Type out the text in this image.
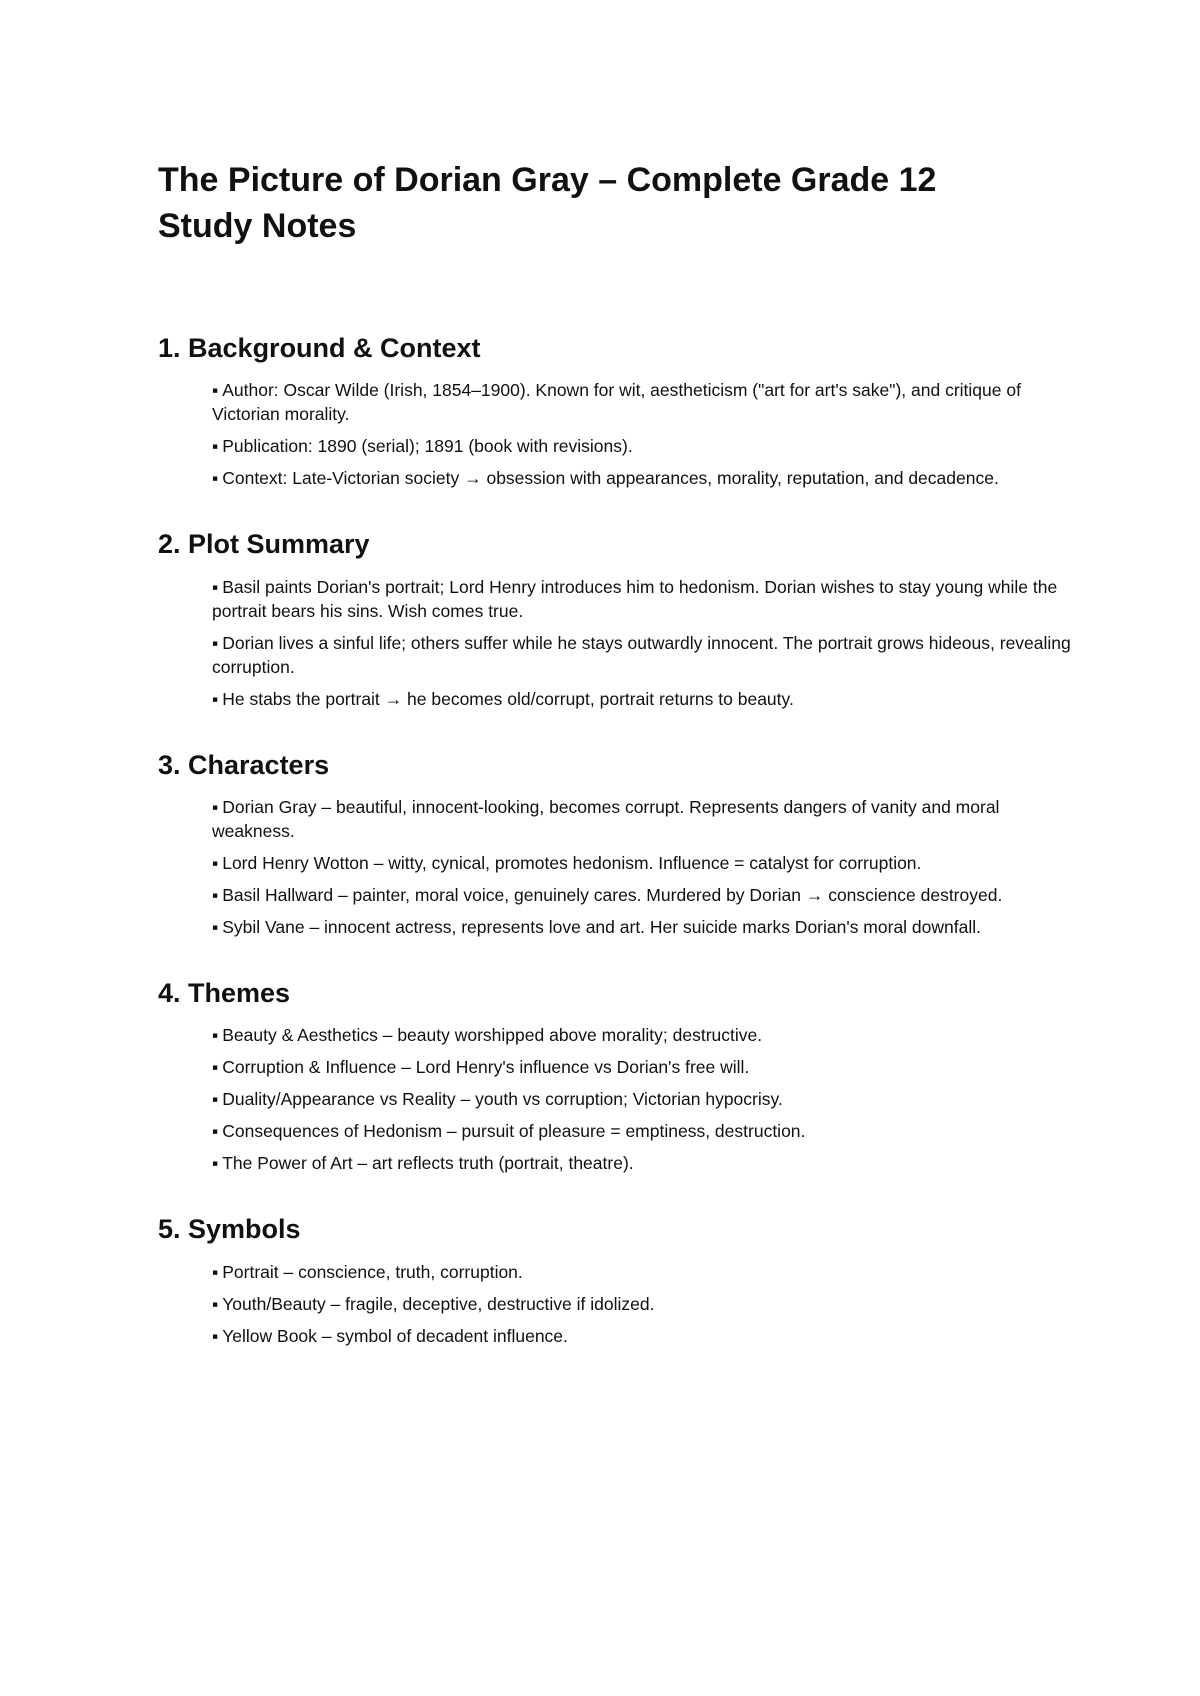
The Picture of Dorian Gray – Complete Grade 12 Study Notes
1. Background & Context
▪ Author: Oscar Wilde (Irish, 1854–1900). Known for wit, aestheticism ("art for art's sake"), and critique of Victorian morality.
▪ Publication: 1890 (serial); 1891 (book with revisions).
▪ Context: Late-Victorian society → obsession with appearances, morality, reputation, and decadence.
2. Plot Summary
▪ Basil paints Dorian's portrait; Lord Henry introduces him to hedonism. Dorian wishes to stay young while the portrait bears his sins. Wish comes true.
▪ Dorian lives a sinful life; others suffer while he stays outwardly innocent. The portrait grows hideous, revealing corruption.
▪ He stabs the portrait → he becomes old/corrupt, portrait returns to beauty.
3. Characters
▪ Dorian Gray – beautiful, innocent-looking, becomes corrupt. Represents dangers of vanity and moral weakness.
▪ Lord Henry Wotton – witty, cynical, promotes hedonism. Influence = catalyst for corruption.
▪ Basil Hallward – painter, moral voice, genuinely cares. Murdered by Dorian → conscience destroyed.
▪ Sybil Vane – innocent actress, represents love and art. Her suicide marks Dorian's moral downfall.
4. Themes
▪ Beauty & Aesthetics – beauty worshipped above morality; destructive.
▪ Corruption & Influence – Lord Henry's influence vs Dorian's free will.
▪ Duality/Appearance vs Reality – youth vs corruption; Victorian hypocrisy.
▪ Consequences of Hedonism – pursuit of pleasure = emptiness, destruction.
▪ The Power of Art – art reflects truth (portrait, theatre).
5. Symbols
▪ Portrait – conscience, truth, corruption.
▪ Youth/Beauty – fragile, deceptive, destructive if idolized.
▪ Yellow Book – symbol of decadent influence.
